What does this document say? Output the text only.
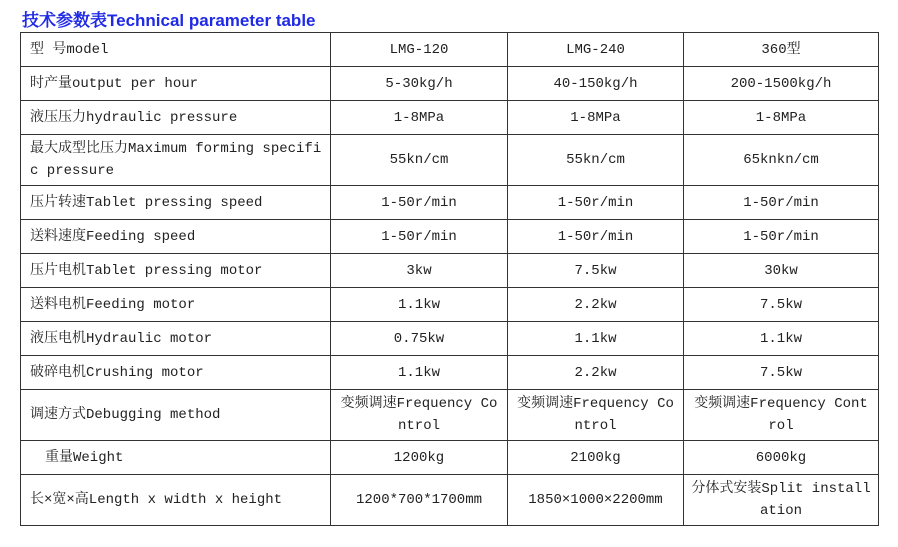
技术参数表Technical parameter table
型 号model	LMG-120	LMG-240	360型
时产量output per hour	5-30kg/h	40-150kg/h	200-1500kg/h
液压压力hydraulic pressure	1-8MPa	1-8MPa	1-8MPa
最大成型比压力Maximum forming specific pressure	55kn/cm	55kn/cm	65knkn/cm
压片转速Tablet pressing speed	1-50r/min	1-50r/min	1-50r/min
送料速度Feeding speed	1-50r/min	1-50r/min	1-50r/min
压片电机Tablet pressing motor	3kw	7.5kw	30kw
送料电机Feeding motor	1.1kw	2.2kw	7.5kw
液压电机Hydraulic motor	0.75kw	1.1kw	1.1kw
破碎电机Crushing motor	1.1kw	2.2kw	7.5kw
调速方式Debugging method	变频调速Frequency Control	变频调速Frequency Control	变频调速Frequency Control
重量Weight	1200kg	2100kg	6000kg
长×宽×高Length x width x height	1200*700*1700mm	1850×1000×2200mm	分体式安装Split installation
